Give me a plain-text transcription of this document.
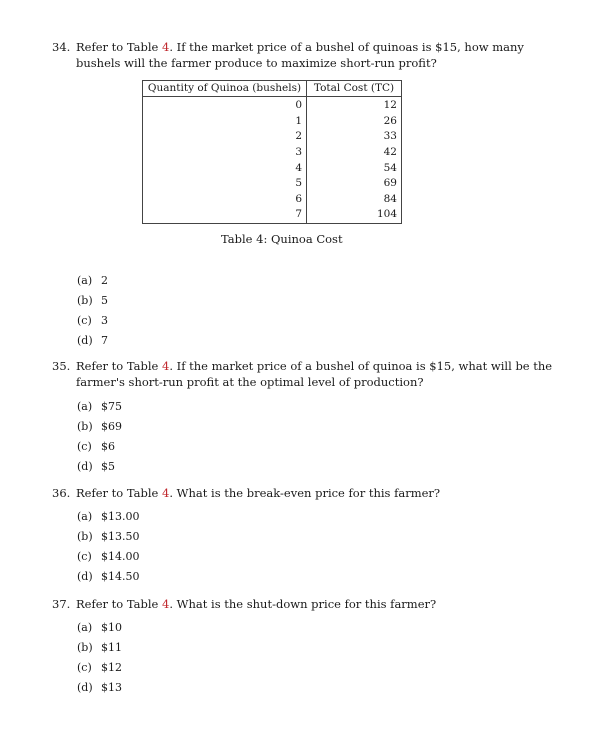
34. Refer to Table 4. If the market price of a bushel of quinoas is $15, how many
bushels will the farmer produce to maximize short-run profit?
Quantity of Quinoa (bushels)	Total Cost (TC)
0	12
1	26
2	33
3	42
4	54
5	69
6	84
7	104
Table 4: Quinoa Cost
(a) 2
(b) 5
(c) 3
(d) 7
35. Refer to Table 4. If the market price of a bushel of quinoa is $15, what will be the
farmer's short-run profit at the optimal level of production?
(a) $75
(b) $69
(c) $6
(d) $5
36. Refer to Table 4. What is the break-even price for this farmer?
(a) $13.00
(b) $13.50
(c) $14.00
(d) $14.50
37. Refer to Table 4. What is the shut-down price for this farmer?
(a) $10
(b) $11
(c) $12
(d) $13
